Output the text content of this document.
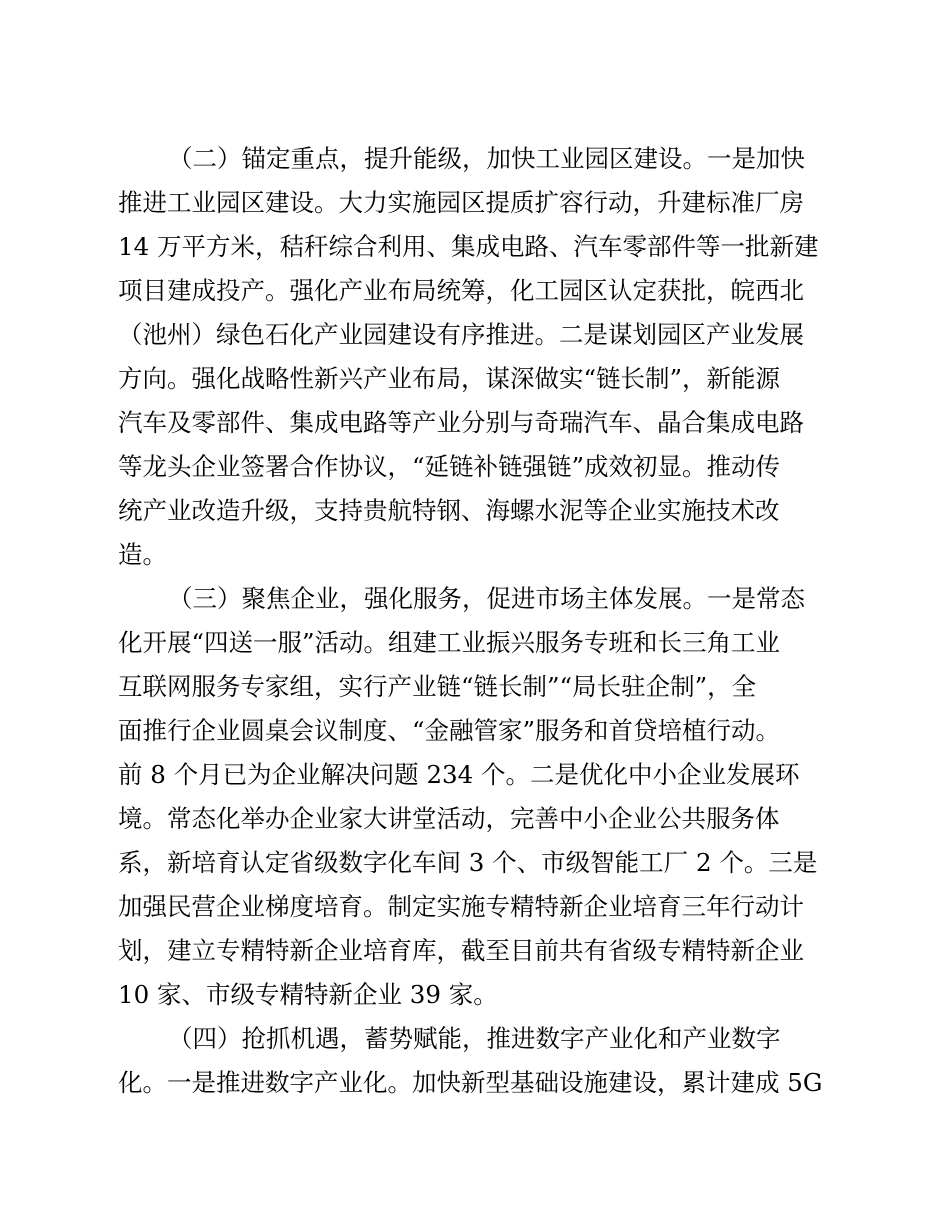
（二）锚定重点，提升能级，加快工业园区建设。一是加快
推进工业园区建设。大力实施园区提质扩容行动，升建标准厂房
14 万平方米，秸秆综合利用、集成电路、汽车零部件等一批新建
项目建成投产。强化产业布局统筹，化工园区认定获批，皖西北
（池州）绿色石化产业园建设有序推进。二是谋划园区产业发展
方向。强化战略性新兴产业布局，谋深做实“链长制”，新能源
汽车及零部件、集成电路等产业分别与奇瑞汽车、晶合集成电路
等龙头企业签署合作协议，“延链补链强链”成效初显。推动传
统产业改造升级，支持贵航特钢、海螺水泥等企业实施技术改
造。
（三）聚焦企业，强化服务，促进市场主体发展。一是常态
化开展“四送一服”活动。组建工业振兴服务专班和长三角工业
互联网服务专家组，实行产业链“链长制”“局长驻企制”，全
面推行企业圆桌会议制度、“金融管家”服务和首贷培植行动。
前 8 个月已为企业解决问题 234 个。二是优化中小企业发展环
境。常态化举办企业家大讲堂活动，完善中小企业公共服务体
系，新培育认定省级数字化车间 3 个、市级智能工厂 2 个。三是
加强民营企业梯度培育。制定实施专精特新企业培育三年行动计
划，建立专精特新企业培育库，截至目前共有省级专精特新企业
10 家、市级专精特新企业 39 家。
（四）抢抓机遇，蓄势赋能，推进数字产业化和产业数字
化。一是推进数字产业化。加快新型基础设施建设，累计建成 5G
